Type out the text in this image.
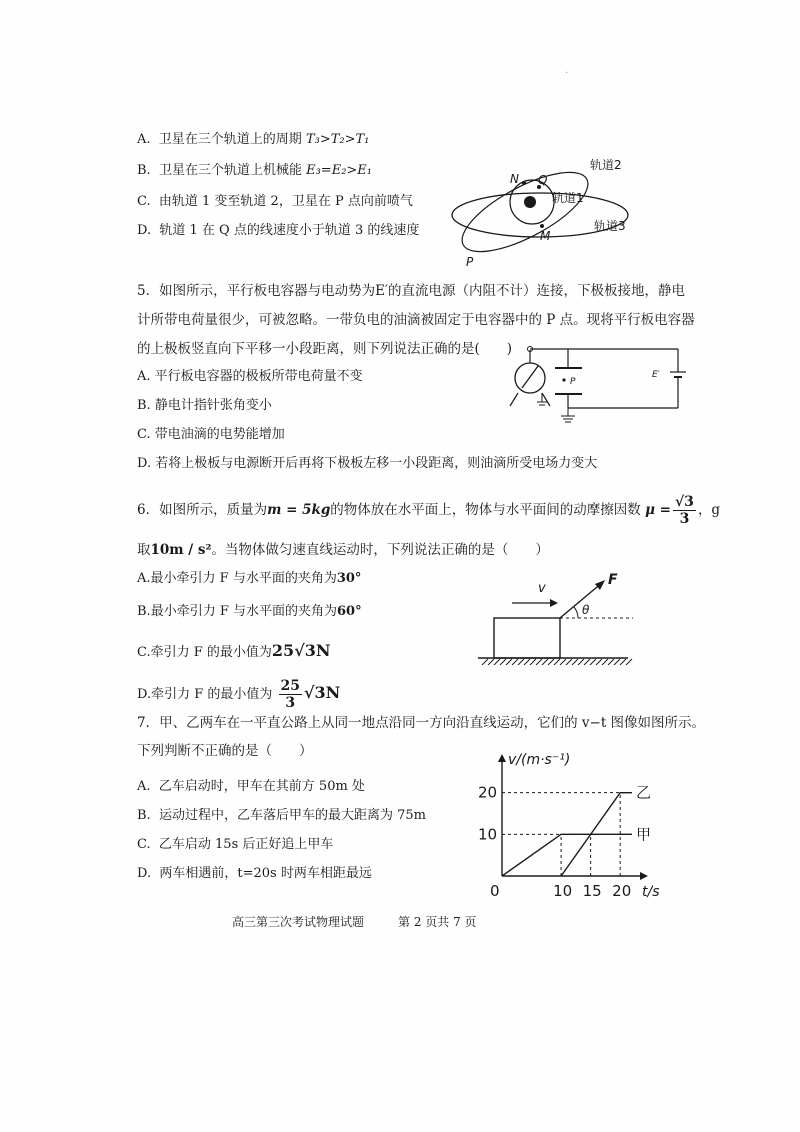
·
A. 卫星在三个轨道上的周期 T₃>T₂>T₁
B. 卫星在三个轨道上机械能 E₃=E₂>E₁
C. 由轨道 1 变至轨道 2，卫星在 P 点向前喷气
D. 轨道 1 在 Q 点的线速度小于轨道 3 的线速度
N Q
M
P
轨道1
轨道2
轨道3
5．如图所示，平行板电容器与电动势为E′的直流电源（内阻不计）连接，下极板接地，静电
计所带电荷量很少，可被忽略。一带负电的油滴被固定于电容器中的 P 点。现将平行板电容器
的上极板竖直向下平移一小段距离，则下列说法正确的是(　　)
A. 平行板电容器的极板所带电荷量不变
B. 静电计指针张角变小
C. 带电油滴的电势能增加
D. 若将上极板与电源断开后再将下极板左移一小段距离，则油滴所受电场力变大
P
E′
6．如图所示，质量为m = 5kg的物体放在水平面上，物体与水平面间的动摩擦因数 $\mu = \frac{√3}{3}$ ，g
取10m / s²。当物体做匀速直线运动时，下列说法正确的是（　　）
A.最小牵引力 F 与水平面的夹角为30°
B.最小牵引力 F 与水平面的夹角为60°
C.牵引力 F 的最小值为25√3N
D.牵引力 F 的最小值为 $\frac{25}{3} √3N$
v
F
θ
7．甲、乙两车在一平直公路上从同一地点沿同一方向沿直线运动，它们的 v−t 图像如图所示。
下列判断不正确的是（　　）
A. 乙车启动时，甲车在其前方 50m 处
B. 运动过程中，乙车落后甲车的最大距离为 75m
C. 乙车启动 15s 后正好追上甲车
D. 两车相遇前，t=20s 时两车相距最远
v/(m·s⁻¹)
t/s
10
20
0	10 15 20
甲
乙
高三第三次考试物理试题	第 2 页共 7 页
